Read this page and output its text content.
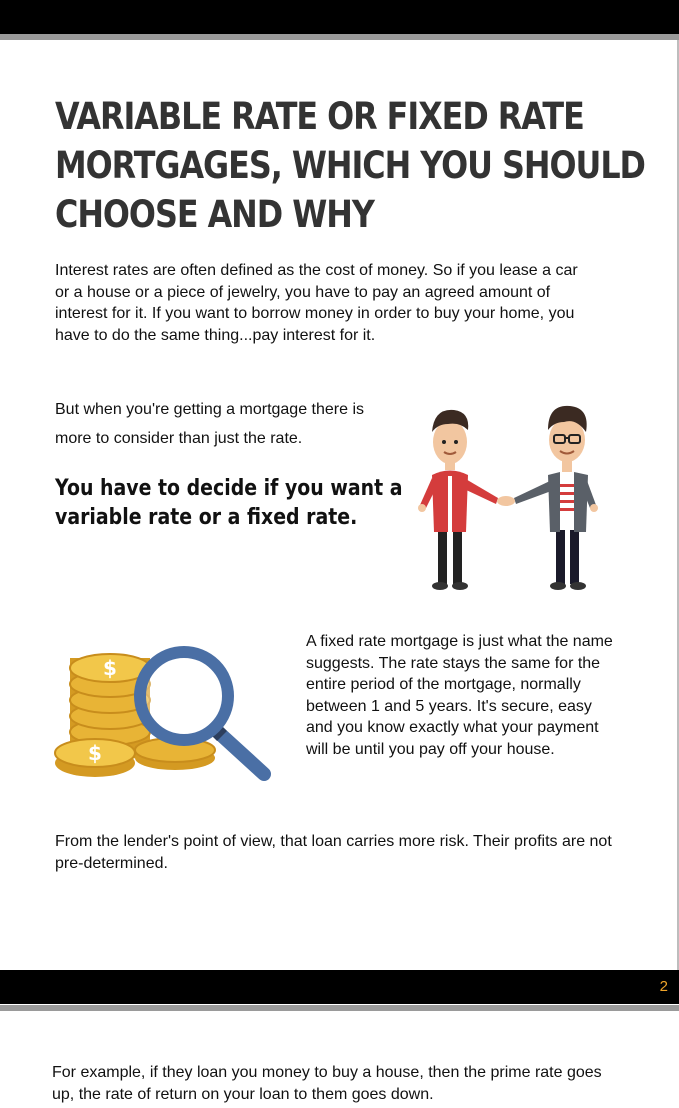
VARIABLE RATE OR FIXED RATE
MORTGAGES, WHICH YOU SHOULD
CHOOSE AND WHY

Interest rates are often defined as the cost of money. So if you lease a car or a house or a piece of jewelry, you have to pay an agreed amount of interest for it. If you want to borrow money in order to buy your home, you have to do the same thing...pay interest for it.

But when you're getting a mortgage there is more to consider than just the rate.

You have to decide if you want a
variable rate or a fixed rate.

$
$

A fixed rate mortgage is just what the name suggests. The rate stays the same for the entire period of the mortgage, normally between 1 and 5 years. It's secure, easy and you know exactly what your payment will be until you pay off your house.

From the lender's point of view, that loan carries more risk. Their profits are not pre-determined.

2

For example, if they loan you money to buy a house, then the prime rate goes up, the rate of return on your loan to them goes down.
